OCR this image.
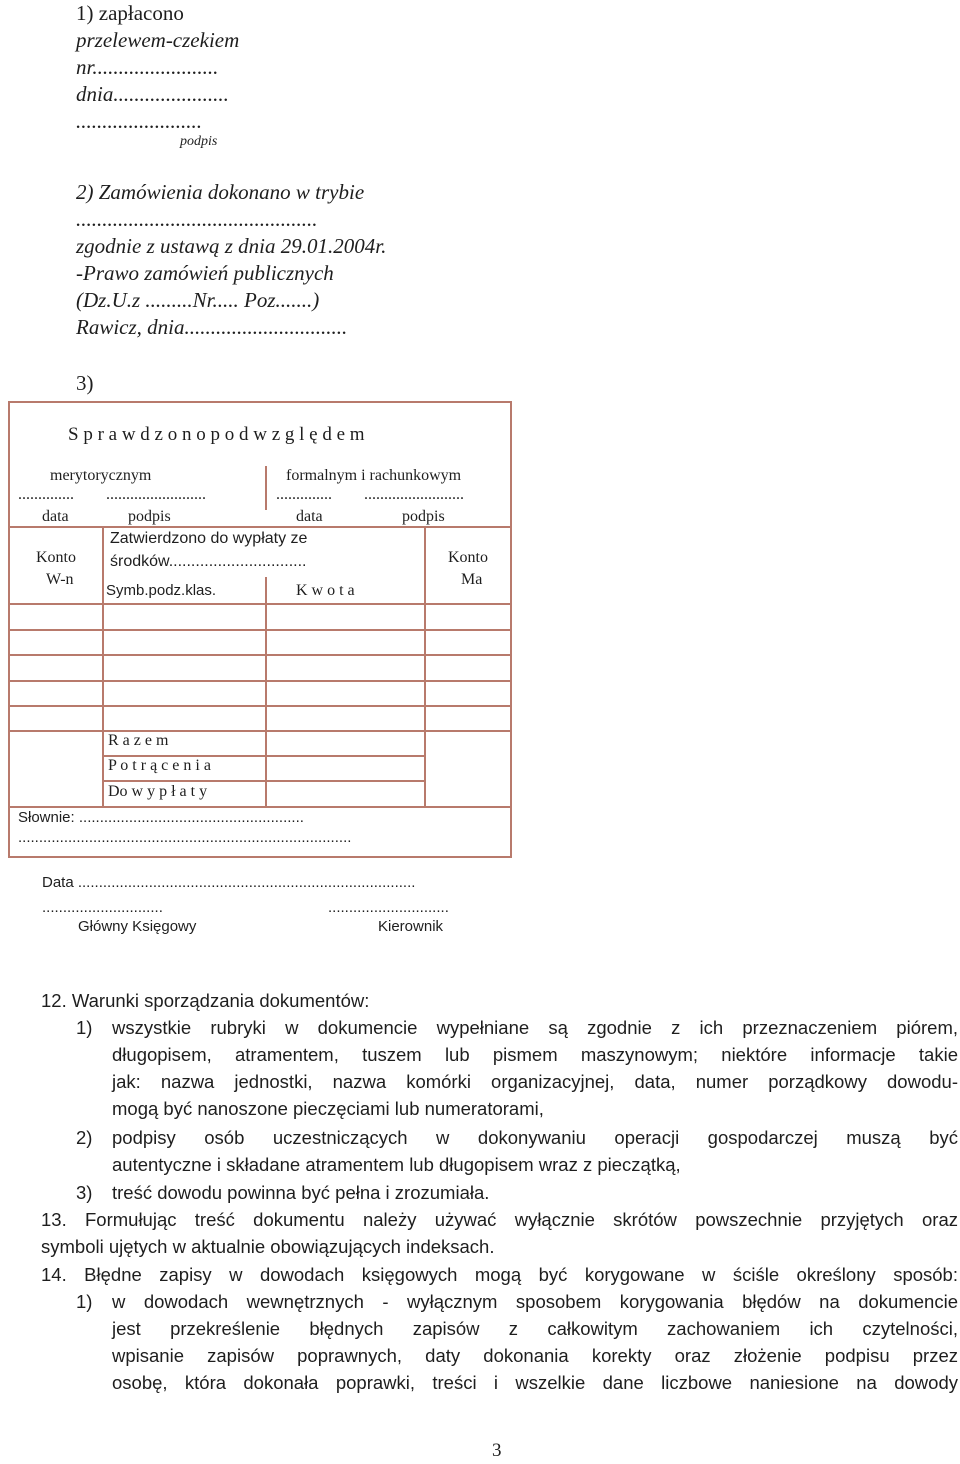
1) zapłacono
przelewem-czekiem
nr........................
dnia......................
........................
podpis
2) Zamówienia dokonano w trybie
..............................................
zgodnie z ustawą z dnia 29.01.2004r.
-Prawo zamówień publicznych
(Dz.U.z .........Nr..... Poz.......)
Rawicz, dnia...............................
3)
S p r a w d z o n o p o d w z g l ę d e m
merytorycznym	formalnym i rachunkowym
.............. .........................	.............. .........................
data	podpis	data	podpis
Konto
W-n
Zatwierdzono do wypłaty ze
środków...............................
Symb.podz.klas.	K w o t a
Konto
Ma
R a z e m
P o t r ą c e n i a
Do w y p ł a t y
Słownie: ......................................................
................................................................................
Data .................................................................................
.............................	.............................
Główny Księgowy	Kierownik
12. Warunki sporządzania dokumentów:
1) wszystkie rubryki w dokumencie wypełniane są zgodnie z ich przeznaczeniem piórem,
długopisem, atramentem, tuszem lub pismem maszynowym; niektóre informacje takie
jak: nazwa jednostki, nazwa komórki organizacyjnej, data, numer porządkowy dowodu-
mogą być nanoszone pieczęciami lub numeratorami,
2) podpisy osób uczestniczących w dokonywaniu operacji gospodarczej muszą być
autentyczne i składane atramentem lub długopisem wraz z pieczątką,
3) treść dowodu powinna być pełna i zrozumiała.
13. Formułując treść dokumentu należy używać wyłącznie skrótów powszechnie przyjętych oraz
symboli ujętych w aktualnie obowiązujących indeksach.
14. Błędne zapisy w dowodach księgowych mogą być korygowane w ściśle określony sposób:
1) w dowodach wewnętrznych - wyłącznym sposobem korygowania błędów na dokumencie
jest przekreślenie błędnych zapisów z całkowitym zachowaniem ich czytelności,
wpisanie zapisów poprawnych, daty dokonania korekty oraz złożenie podpisu przez
osobę, która dokonała poprawki, treści i wszelkie dane liczbowe naniesione na dowody
3
